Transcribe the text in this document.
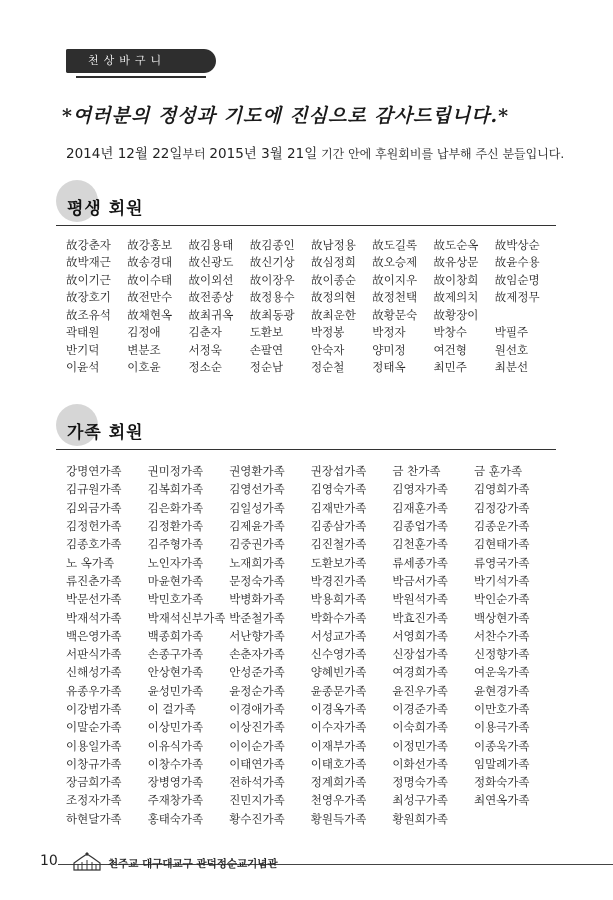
천상바구니
*여러분의 정성과 기도에 진심으로 감사드립니다.*
2014년 12월 22일부터 2015년 3월 21일 기간 안에 후원회비를 납부해 주신 분들입니다.
평생 회원
故강춘자	故강홍보	故김용태	故김종인	故남정용	故도길록	故도순옥	故박상순
故박재근	故송경대	故신광도	故신기상	故심정희	故오승제	故유상문	故윤수용
故이기근	故이수태	故이외선	故이장우	故이종순	故이지우	故이창희	故임순명
故장호기	故전만수	故전종상	故정용수	故정의현	故정천택	故제의치	故제정무
故조유석	故채현옥	故최귀옥	故최동광	故최운한	故황문숙	故황장이
곽태원	김정애	김춘자	도환보	박정봉	박정자	박창수	박필주
반기덕	변분조	서정욱	손팔연	안숙자	양미정	여건형	원선호
이윤석	이호윤	정소순	정순남	정순철	정태옥	최민주	최분선
가족 회원
강명연가족	권미정가족	권영환가족	권장섭가족	금 찬가족	금 훈가족
김규원가족	김복희가족	김영선가족	김영숙가족	김영자가족	김영희가족
김외금가족	김은화가족	김일성가족	김재만가족	김재훈가족	김정강가족
김정헌가족	김정환가족	김제윤가족	김종삼가족	김종업가족	김종운가족
김종호가족	김주형가족	김중권가족	김진철가족	김천훈가족	김현태가족
노 옥가족	노인자가족	노재희가족	도환보가족	류세종가족	류영국가족
류진춘가족	마윤현가족	문정숙가족	박경진가족	박금서가족	박기석가족
박문선가족	박민호가족	박병화가족	박용희가족	박원석가족	박인순가족
박재석가족	박재석신부가족 박준철가족	박화수가족	박효진가족	백상현가족
백은영가족	백종희가족	서난향가족	서성교가족	서영희가족	서찬수가족
서판식가족	손종구가족	손춘자가족	신수영가족	신장섭가족	신정향가족
신해성가족	안상현가족	안성준가족	양혜빈가족	여경희가족	여운욱가족
유종우가족	윤성민가족	윤정순가족	윤종문가족	윤진우가족	윤현경가족
이강범가족	이 걸가족	이경애가족	이경옥가족	이경준가족	이만호가족
이말순가족	이상민가족	이상진가족	이수자가족	이숙희가족	이용극가족
이용일가족	이유식가족	이이순가족	이재부가족	이정민가족	이종욱가족
이창규가족	이창수가족	이태연가족	이태호가족	이화선가족	임말례가족
장금희가족	장병영가족	전하석가족	정계희가족	정명숙가족	정화숙가족
조정자가족	주재창가족	진민지가족	천영우가족	최성구가족	최연옥가족
하현달가족	홍태숙가족	황수진가족	황원득가족	황원희가족
10	천주교 대구대교구 관덕정순교기념관
